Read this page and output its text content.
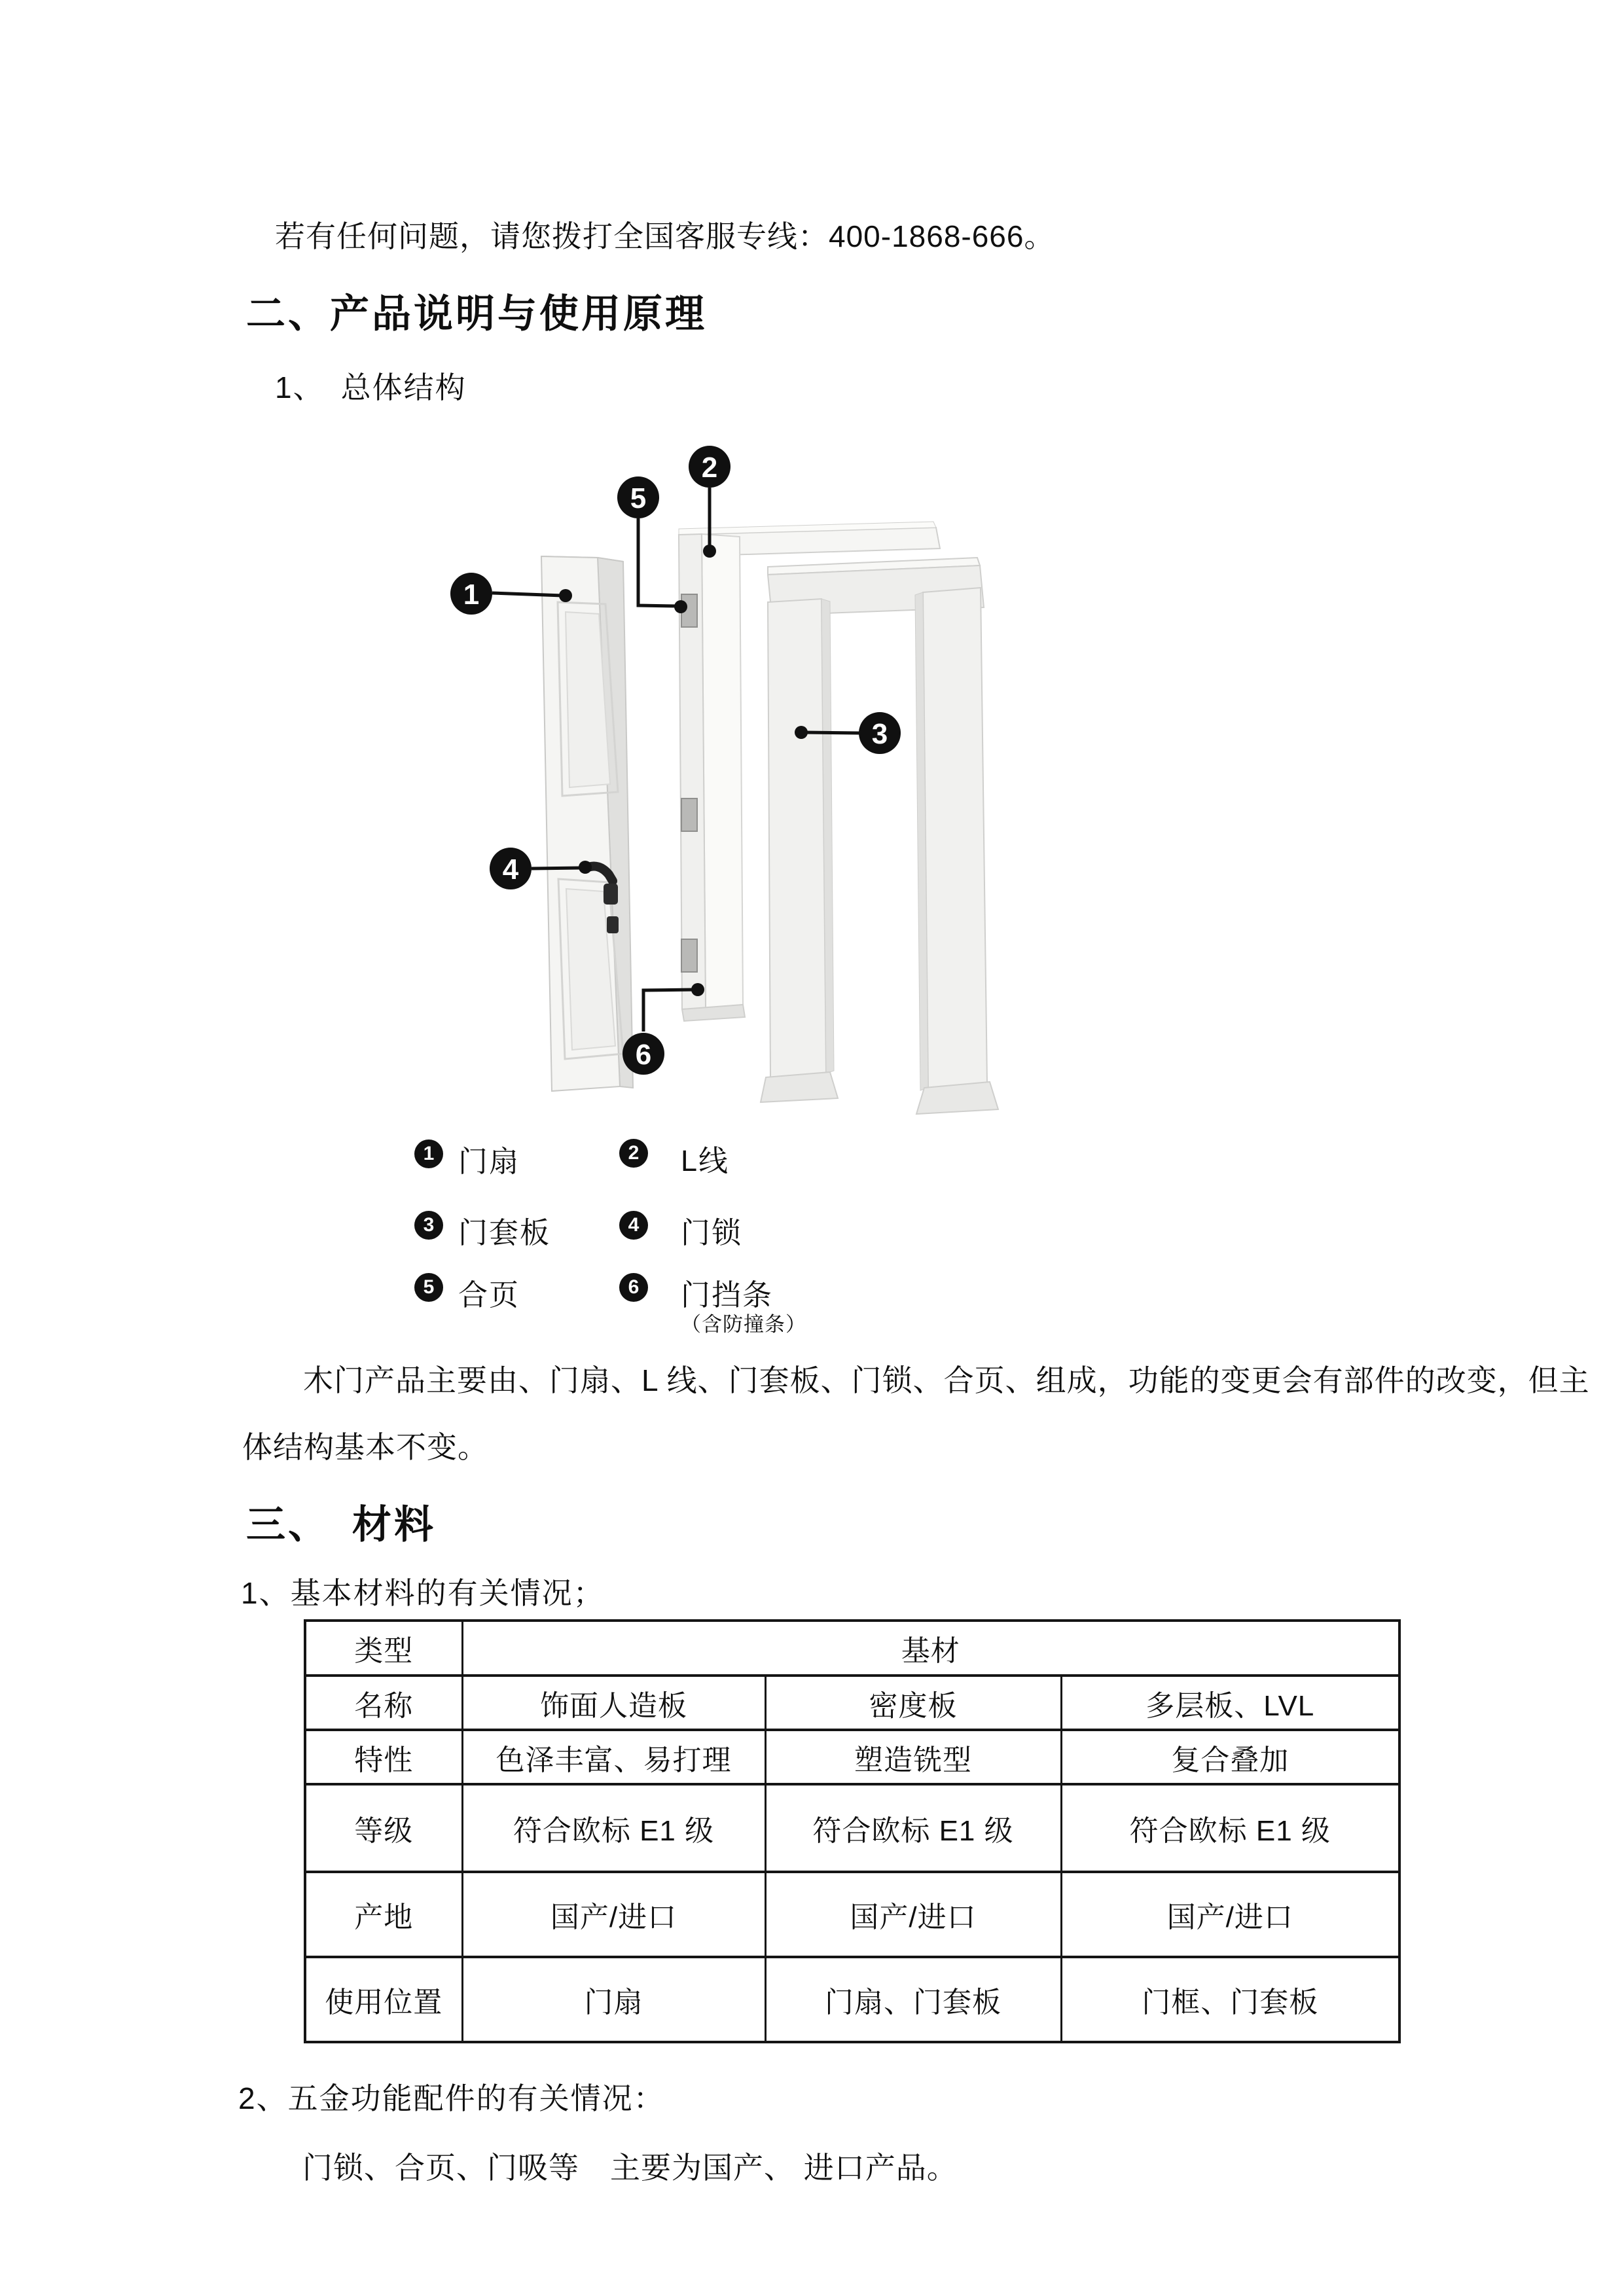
若有任何问题，请您拨打全国客服专线：400-1868-666。
二、产品说明与使用原理
1、　总体结构
1
2
3
4
5
6
1 门扇	2	L线
3 门套板	4	门锁
5 合页	6	门挡条
（含防撞条）
木门产品主要由、门扇、L 线、门套板、门锁、合页、组成，功能的变更会有部件的改变，但主
体结构基本不变。
三、　材料
1、基本材料的有关情况；
类型	基材		
名称	饰面人造板	密度板	多层板、LVL
特性	色泽丰富、易打理	塑造铣型	复合叠加
等级	符合欧标 E1 级	符合欧标 E1 级	符合欧标 E1 级
产地	国产/进口	国产/进口	国产/进口
使用位置	门扇	门扇、门套板	门框、门套板
2、五金功能配件的有关情况：
门锁、合页、门吸等　主要为国产、 进口产品。
